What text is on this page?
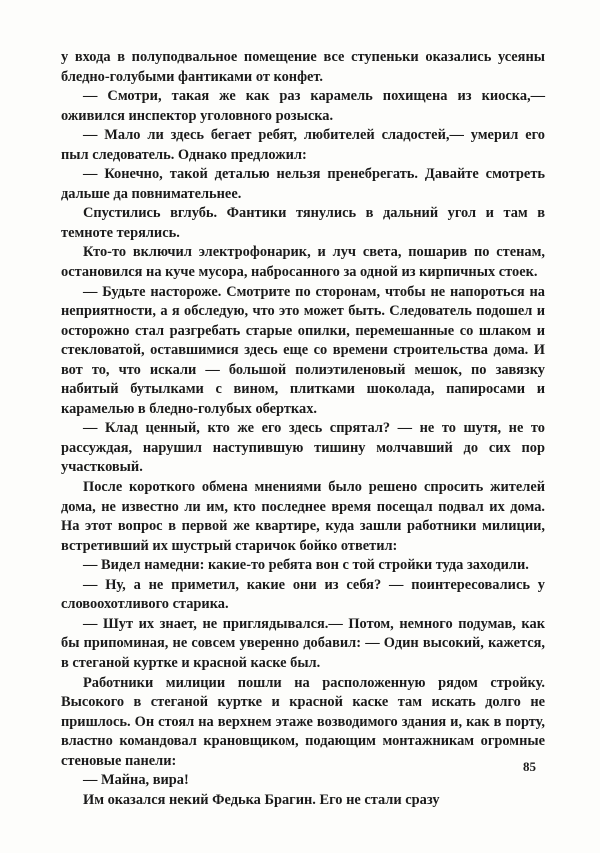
у входа в полуподвальное помещение все ступеньки оказались усеяны бледно-голубыми фантиками от конфет.

— Смотри, такая же как раз карамель похищена из киоска,— оживился инспектор уголовного розыска.

— Мало ли здесь бегает ребят, любителей сладостей,— умерил его пыл следователь. Однако предложил:

— Конечно, такой деталью нельзя пренебрегать. Давайте смотреть дальше да повнимательнее.

Спустились вглубь. Фантики тянулись в дальний угол и там в темноте терялись.

Кто-то включил электрофонарик, и луч света, пошарив по стенам, остановился на куче мусора, набросанного за одной из кирпичных стоек.

— Будьте настороже. Смотрите по сторонам, чтобы не напороться на неприятности, а я обследую, что это может быть. Следователь подошел и осторожно стал разгребать старые опилки, перемешанные со шлаком и стекловатой, оставшимися здесь еще со времени строительства дома. И вот то, что искали — большой полиэтиленовый мешок, по завязку набитый бутылками с вином, плитками шоколада, папиросами и карамелью в бледно-голубых обертках.

— Клад ценный, кто же его здесь спрятал? — не то шутя, не то рассуждая, нарушил наступившую тишину молчавший до сих пор участковый.

После короткого обмена мнениями было решено спросить жителей дома, не известно ли им, кто последнее время посещал подвал их дома. На этот вопрос в первой же квартире, куда зашли работники милиции, встретивший их шустрый старичок бойко ответил:

— Видел намедни: какие-то ребята вон с той стройки туда заходили.

— Ну, а не приметил, какие они из себя? — поинтересовались у словоохотливого старика.

— Шут их знает, не приглядывался.— Потом, немного подумав, как бы припоминая, не совсем уверенно добавил: — Один высокий, кажется, в стеганой куртке и красной каске был.

Работники милиции пошли на расположенную рядом стройку. Высокого в стеганой куртке и красной каске там искать долго не пришлось. Он стоял на верхнем этаже возводимого здания и, как в порту, властно командовал крановщиком, подающим монтажникам огромные стеновые панели:

— Майна, вира!

Им оказался некий Федька Брагин. Его не стали сразу

85
